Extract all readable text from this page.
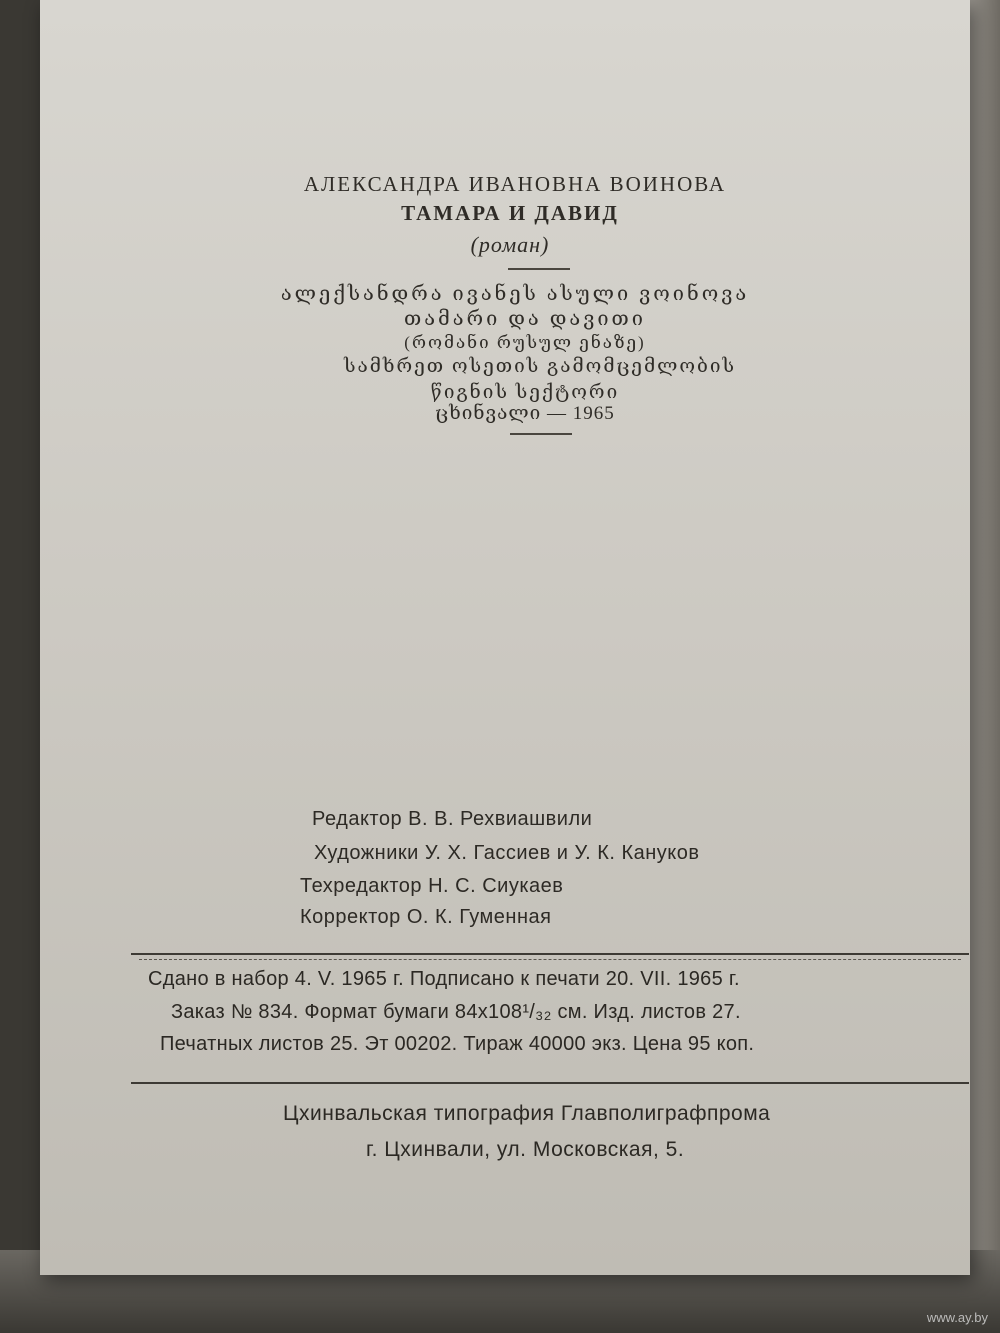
АЛЕКСАНДРА ИВАНОВНА ВОИНОВА
ТАМАРА И ДАВИД
(роман)
ალექსანდრა ივანეს ასული ვოინოვა
თამარი და დავითი
(რომანი რუსულ ენაზე)
სამხრეთ ოსეთის გამომცემლობის
წიგნის სექტორი
ცხინვალი — 1965
Редактор В. В. Рехвиашвили
Художники У. Х. Гассиев и У. К. Кануков
Техредактор Н. С. Сиукаев
Корректор О. К. Гуменная
Сдано в набор 4. V. 1965 г. Подписано к печати 20. VII. 1965 г.
Заказ № 834. Формат бумаги 84х108¹/₃₂ см. Изд. листов 27.
Печатных листов 25. Эт 00202. Тираж 40000 экз. Цена 95 коп.
Цхинвальская типография Главполиграфпрома
г. Цхинвали, ул. Московская, 5.
www.ay.by
